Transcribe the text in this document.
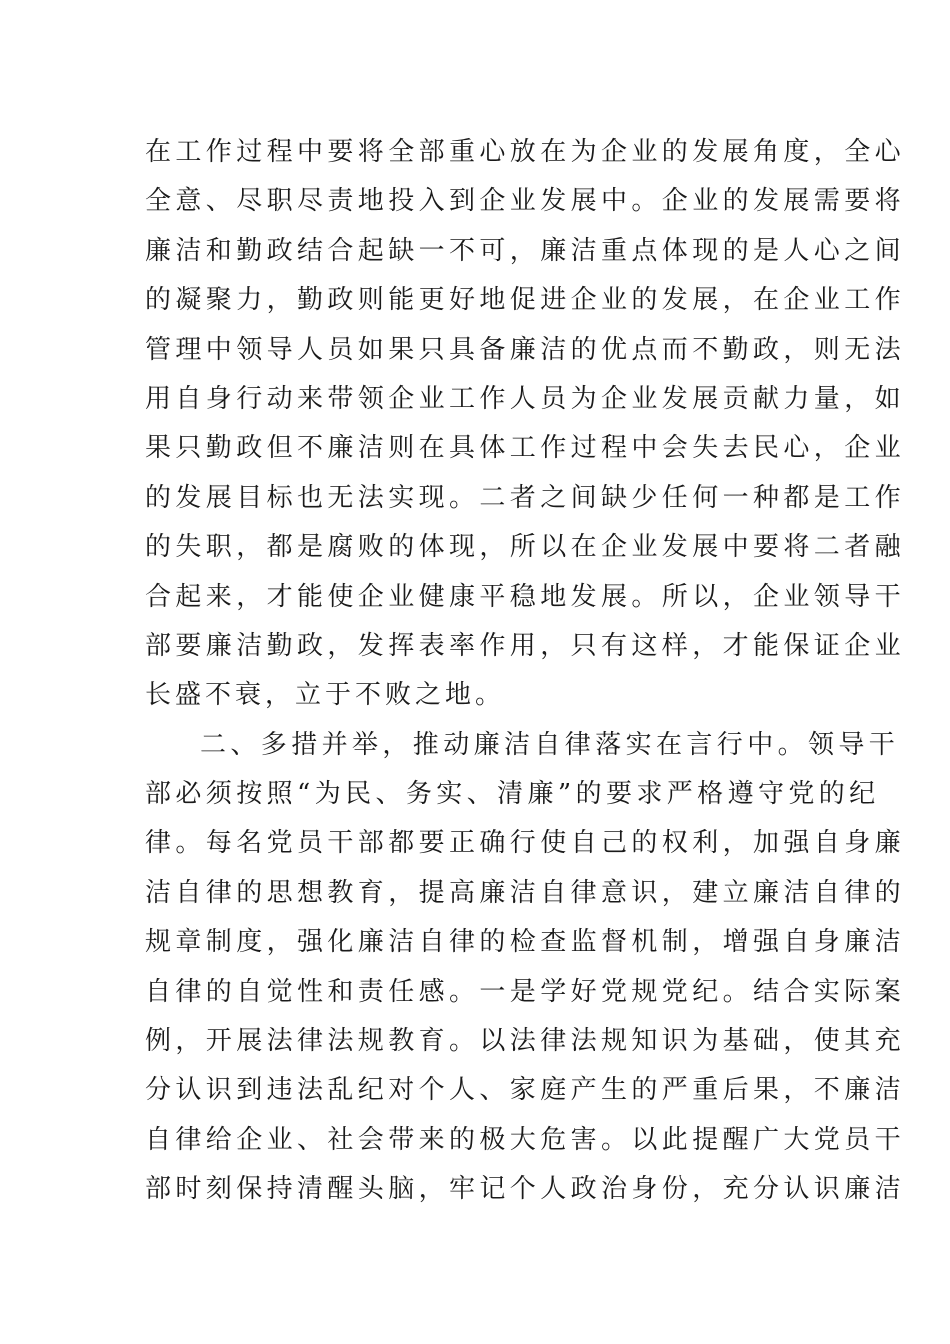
在工作过程中要将全部重心放在为企业的发展角度，全心
全意、尽职尽责地投入到企业发展中。企业的发展需要将
廉洁和勤政结合起缺一不可，廉洁重点体现的是人心之间
的凝聚力，勤政则能更好地促进企业的发展，在企业工作
管理中领导人员如果只具备廉洁的优点而不勤政，则无法
用自身行动来带领企业工作人员为企业发展贡献力量，如
果只勤政但不廉洁则在具体工作过程中会失去民心，企业
的发展目标也无法实现。二者之间缺少任何一种都是工作
的失职，都是腐败的体现，所以在企业发展中要将二者融
合起来，才能使企业健康平稳地发展。所以，企业领导干
部要廉洁勤政，发挥表率作用，只有这样，才能保证企业
长盛不衰，立于不败之地。
二、多措并举，推动廉洁自律落实在言行中。领导干
部必须按照“为民、务实、清廉”的要求严格遵守党的纪
律。每名党员干部都要正确行使自己的权利，加强自身廉
洁自律的思想教育，提高廉洁自律意识，建立廉洁自律的
规章制度，强化廉洁自律的检查监督机制，增强自身廉洁
自律的自觉性和责任感。一是学好党规党纪。结合实际案
例，开展法律法规教育。以法律法规知识为基础，使其充
分认识到违法乱纪对个人、家庭产生的严重后果，不廉洁
自律给企业、社会带来的极大危害。以此提醒广大党员干
部时刻保持清醒头脑，牢记个人政治身份，充分认识廉洁
